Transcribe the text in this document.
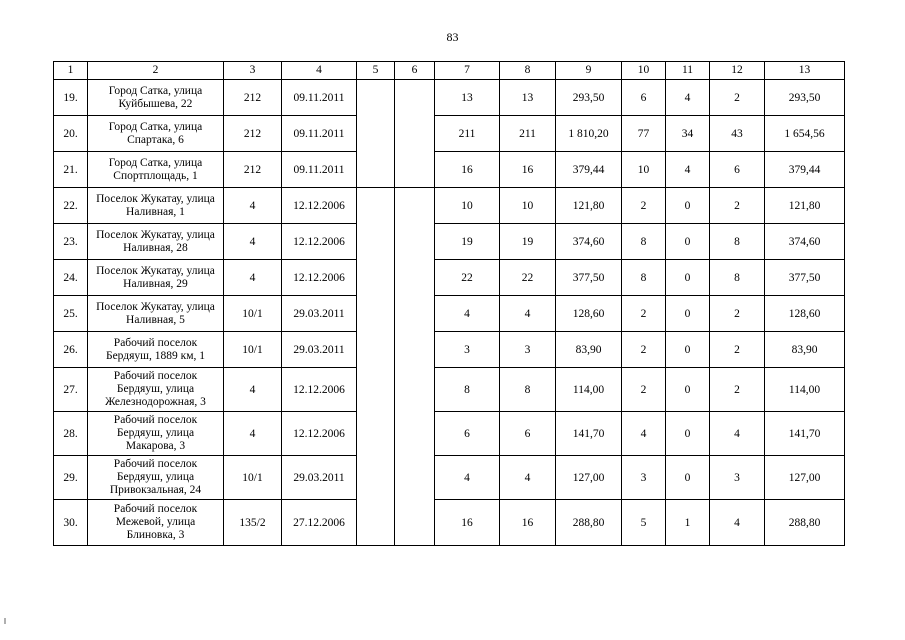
83
1	2	3	4	5	6	7	8	9	10	11	12	13
19.	Город Сатка, улица
Куйбышева, 22	212	09.11.2011			13	13	293,50	6	4	2	293,50
20.	Город Сатка, улица
Спартака, 6	212	09.11.2011			211	211	1 810,20	77	34	43	1 654,56
21.	Город Сатка, улица
Спортплощадь, 1	212	09.11.2011			16	16	379,44	10	4	6	379,44
22.	Поселок Жукатау, улица
Наливная, 1	4	12.12.2006			10	10	121,80	2	0	2	121,80
23.	Поселок Жукатау, улица
Наливная, 28	4	12.12.2006			19	19	374,60	8	0	8	374,60
24.	Поселок Жукатау, улица
Наливная, 29	4	12.12.2006			22	22	377,50	8	0	8	377,50
25.	Поселок Жукатау, улица
Наливная, 5	10/1	29.03.2011			4	4	128,60	2	0	2	128,60
26.	Рабочий поселок
Бердяуш, 1889 км, 1	10/1	29.03.2011			3	3	83,90	2	0	2	83,90
27.	Рабочий поселок
Бердяуш, улица
Железнодорожная, 3	4	12.12.2006			8	8	114,00	2	0	2	114,00
28.	Рабочий поселок
Бердяуш, улица
Макарова, 3	4	12.12.2006			6	6	141,70	4	0	4	141,70
29.	Рабочий поселок
Бердяуш, улица
Привокзальная, 24	10/1	29.03.2011			4	4	127,00	3	0	3	127,00
30.	Рабочий поселок
Межевой, улица
Блиновка, 3	135/2	27.12.2006			16	16	288,80	5	1	4	288,80
